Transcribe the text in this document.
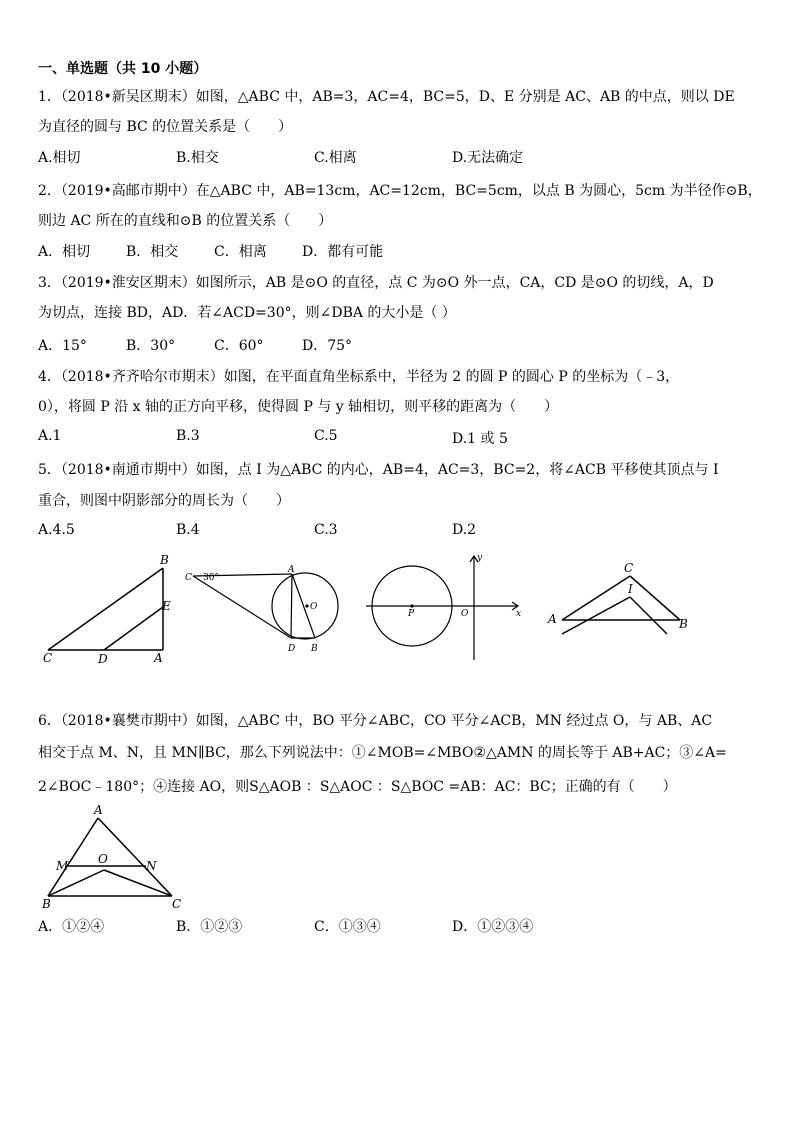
一、单选题（共 10 小题）
1．（2018•新吴区期末）如图，△ABC 中，AB=3，AC=4，BC=5，D、E 分别是 AC、AB 的中点，则以 DE
为直径的圆与 BC 的位置关系是（　　）
A.相切	B.相交	C.相离	D.无法确定
2．（2019•高邮市期中）在△ABC 中，AB=13cm，AC=12cm，BC=5cm，以点 B 为圆心，5cm 为半径作⊙B，
则边 AC 所在的直线和⊙B 的位置关系（　　）
A．相切	B．相交	C．相离	D．都有可能
3．（2019•淮安区期末）如图所示，AB 是⊙O 的直径，点 C 为⊙O 外一点，CA，CD 是⊙O 的切线，A，D
为切点，连接 BD，AD．若∠ACD=30°，则∠DBA 的大小是（ ）
A．15°	B．30°	C．60°	D．75°
4．（2018•齐齐哈尔市期末）如图，在平面直角坐标系中，半径为 2 的圆 P 的圆心 P 的坐标为（﹣3，
0），将圆 P 沿 x 轴的正方向平移，使得圆 P 与 y 轴相切，则平移的距离为（　　）
A.1	B.3	C.5	D.1 或 5
5．（2018•南通市期中）如图，点 I 为△ABC 的内心，AB=4，AC=3，BC=2，将∠ACB 平移使其顶点与 I
重合，则图中阴影部分的周长为（　　）
A.4.5	B.4	C.3	D.2
B
E
C	D	A
A
C 30°
O
D B
y
P	O	x
C
I
A	B
6．（2018•襄樊市期中）如图，△ABC 中，BO 平分∠ABC，CO 平分∠ACB，MN 经过点 O，与 AB、AC
相交于点 M、N，且 MN∥BC，那么下列说法中：①∠MOB=∠MBO②△AMN 的周长等于 AB+AC；③∠A=
2∠BOC﹣180°；④连接 AO，则S△AOB ：S△AOC ：S△BOC =AB：AC：BC；正确的有（　　）
A
M O	N
B	C
A．①②④	B．①②③	C．①③④	D．①②③④
